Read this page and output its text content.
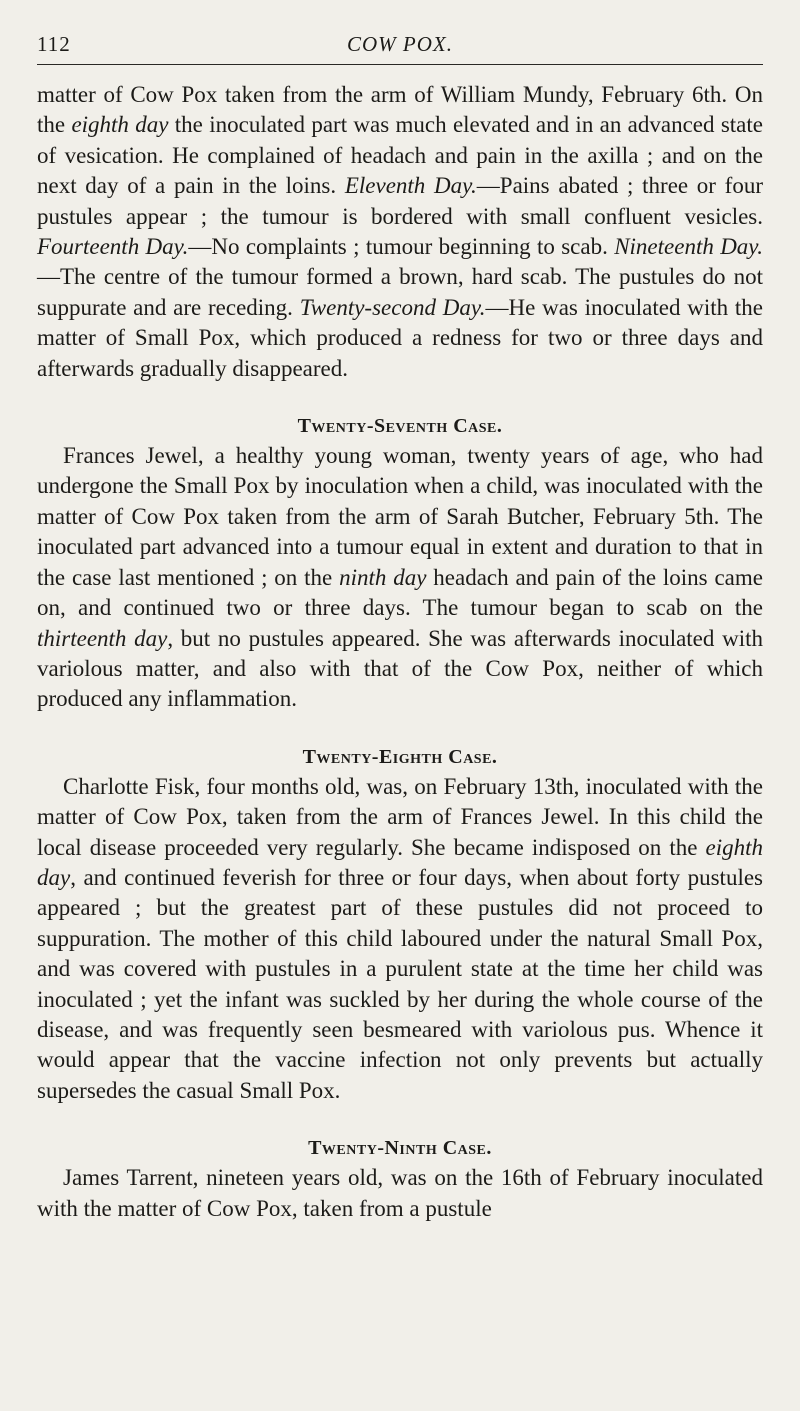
112	COW POX.

matter of Cow Pox taken from the arm of William Mundy, February 6th. On the eighth day the inoculated part was much elevated and in an advanced state of vesication. He complained of headach and pain in the axilla ; and on the next day of a pain in the loins. Eleventh Day.—Pains abated ; three or four pustules appear ; the tumour is bordered with small confluent vesicles. Fourteenth Day.—No complaints ; tumour beginning to scab. Nineteenth Day.—The centre of the tumour formed a brown, hard scab. The pustules do not suppurate and are receding. Twenty-second Day.—He was inoculated with the matter of Small Pox, which produced a redness for two or three days and afterwards gradually disappeared.

Twenty-Seventh Case.

Frances Jewel, a healthy young woman, twenty years of age, who had undergone the Small Pox by inoculation when a child, was inoculated with the matter of Cow Pox taken from the arm of Sarah Butcher, February 5th. The inoculated part advanced into a tumour equal in extent and duration to that in the case last mentioned ; on the ninth day headach and pain of the loins came on, and continued two or three days. The tumour began to scab on the thirteenth day, but no pustules appeared. She was afterwards inoculated with variolous matter, and also with that of the Cow Pox, neither of which produced any inflammation.

Twenty-Eighth Case.

Charlotte Fisk, four months old, was, on February 13th, inoculated with the matter of Cow Pox, taken from the arm of Frances Jewel. In this child the local disease proceeded very regularly. She became indisposed on the eighth day, and continued feverish for three or four days, when about forty pustules appeared ; but the greatest part of these pustules did not proceed to suppuration. The mother of this child laboured under the natural Small Pox, and was covered with pustules in a purulent state at the time her child was inoculated ; yet the infant was suckled by her during the whole course of the disease, and was frequently seen besmeared with variolous pus. Whence it would appear that the vaccine infection not only prevents but actually supersedes the casual Small Pox.

Twenty-Ninth Case.

James Tarrent, nineteen years old, was on the 16th of February inoculated with the matter of Cow Pox, taken from a pustule
